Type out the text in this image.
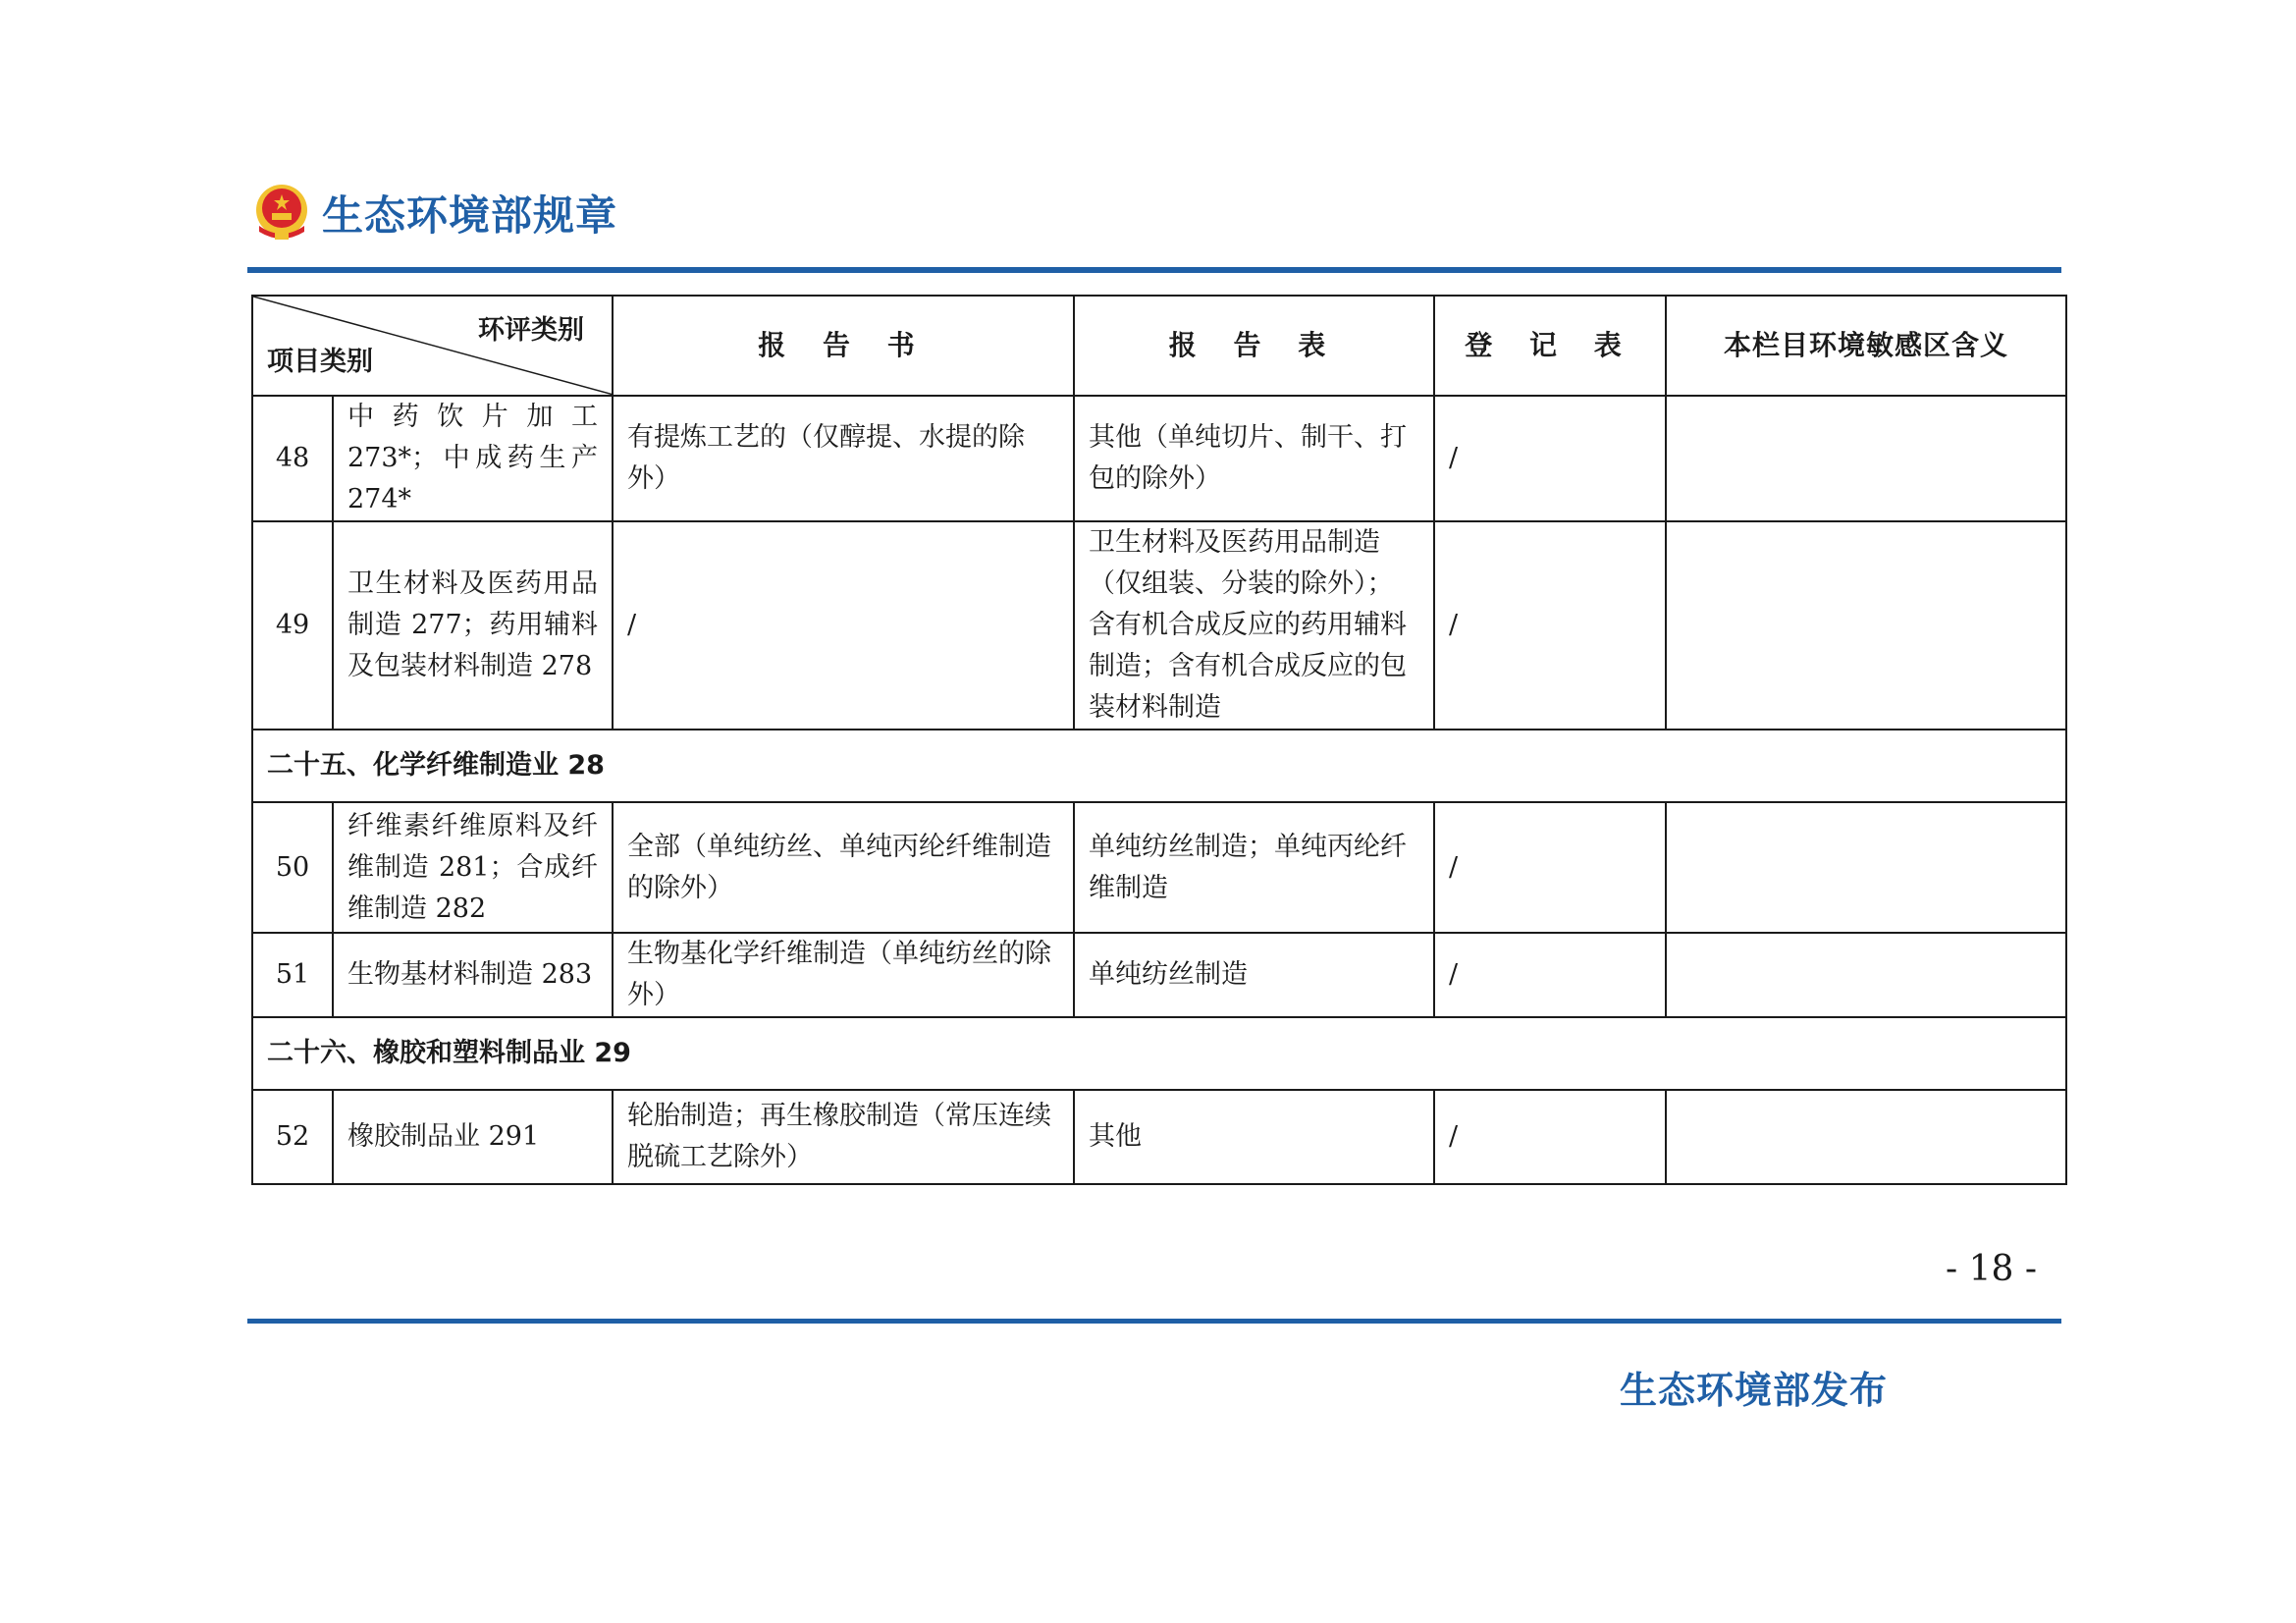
生态环境部规章
环评类别
项目类别		报 告 书	报 告 表	登 记 表	本栏目环境敏感区含义
48	中药饮片加工 273*；中成药生产 274*	有提炼工艺的（仅醇提、水提的除外）	其他（单纯切片、制干、打包的除外）	/	
49	卫生材料及医药用品制造 277；药用辅料及包装材料制造 278	/	卫生材料及医药用品制造（仅组装、分装的除外）；含有机合成反应的药用辅料制造；含有机合成反应的包装材料制造	/	
二十五、化学纤维制造业 28					
50	纤维素纤维原料及纤维制造 281；合成纤维制造 282	全部（单纯纺丝、单纯丙纶纤维制造的除外）	单纯纺丝制造；单纯丙纶纤维制造	/	
51	生物基材料制造 283	生物基化学纤维制造（单纯纺丝的除外）	单纯纺丝制造	/	
二十六、橡胶和塑料制品业 29					
52	橡胶制品业 291	轮胎制造；再生橡胶制造（常压连续脱硫工艺除外）	其他	/	
- 18 -
生态环境部发布
